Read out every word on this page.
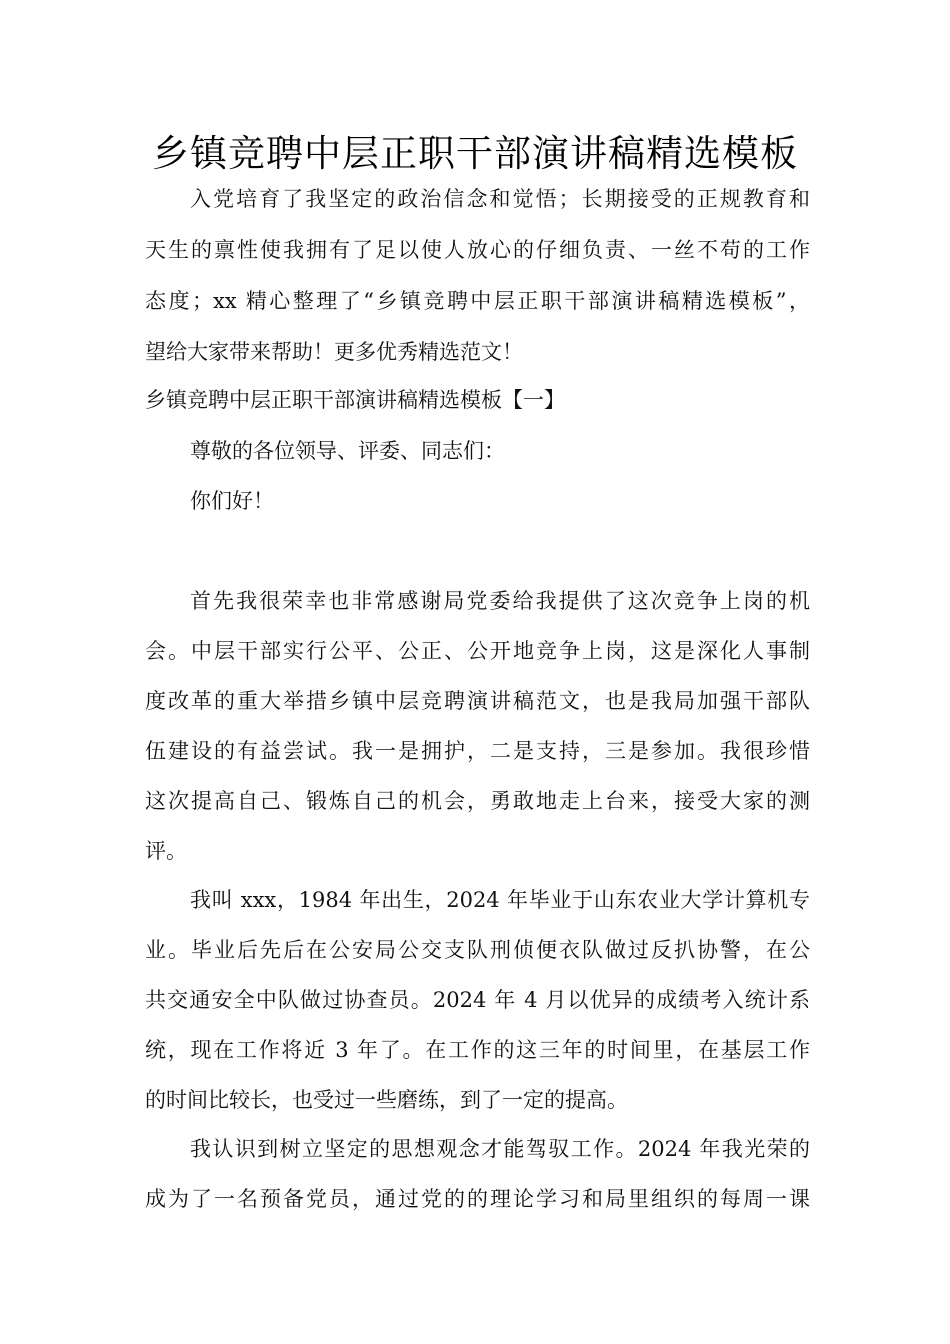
乡镇竞聘中层正职干部演讲稿精选模板
入党培育了我坚定的政治信念和觉悟；长期接受的正规教育和
天生的禀性使我拥有了足以使人放心的仔细负责、一丝不苟的工作
态度；xx 精心整理了“乡镇竞聘中层正职干部演讲稿精选模板”，
望给大家带来帮助！更多优秀精选范文！
乡镇竞聘中层正职干部演讲稿精选模板【一】
尊敬的各位领导、评委、同志们：
你们好！
首先我很荣幸也非常感谢局党委给我提供了这次竞争上岗的机
会。中层干部实行公平、公正、公开地竞争上岗，这是深化人事制
度改革的重大举措乡镇中层竞聘演讲稿范文，也是我局加强干部队
伍建设的有益尝试。我一是拥护，二是支持，三是参加。我很珍惜
这次提高自己、锻炼自己的机会，勇敢地走上台来，接受大家的测
评。
我叫 xxx，1984 年出生，2024 年毕业于山东农业大学计算机专
业。毕业后先后在公安局公交支队刑侦便衣队做过反扒协警，在公
共交通安全中队做过协查员。2024 年 4 月以优异的成绩考入统计系
统，现在工作将近 3 年了。在工作的这三年的时间里，在基层工作
的时间比较长，也受过一些磨练，到了一定的提高。
我认识到树立坚定的思想观念才能驾驭工作。2024 年我光荣的
成为了一名预备党员，通过党的的理论学习和局里组织的每周一课
